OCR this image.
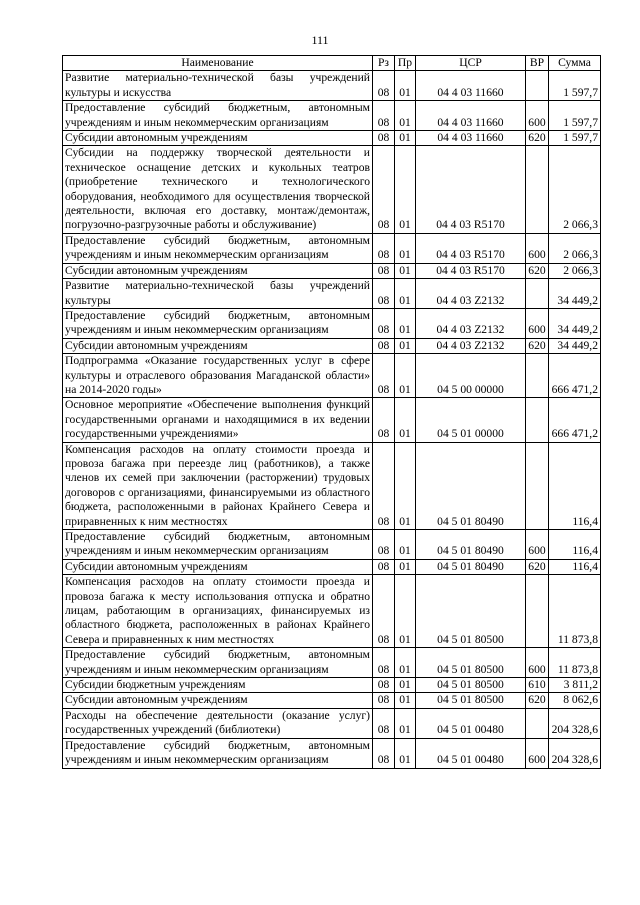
111
Наименование	Рз	Пр	ЦСР	ВР	Сумма
Развитие материально-технической базы учреждений культуры и искусства	08	01	04 4 03 11660		1 597,7
Предоставление субсидий бюджетным, автономным учреждениям и иным некоммерческим организациям	08	01	04 4 03 11660	600	1 597,7
Субсидии автономным учреждениям	08	01	04 4 03 11660	620	1 597,7
Субсидии на поддержку творческой деятельности и техническое оснащение детских и кукольных театров (приобретение технического и технологического оборудования, необходимого для осуществления творческой деятельности, включая его доставку, монтаж/демонтаж, погрузочно-разгрузочные работы и обслуживание)	08	01	04 4 03 R5170		2 066,3
Предоставление субсидий бюджетным, автономным учреждениям и иным некоммерческим организациям	08	01	04 4 03 R5170	600	2 066,3
Субсидии автономным учреждениям	08	01	04 4 03 R5170	620	2 066,3
Развитие материально-технической базы учреждений культуры	08	01	04 4 03 Z2132		34 449,2
Предоставление субсидий бюджетным, автономным учреждениям и иным некоммерческим организациям	08	01	04 4 03 Z2132	600	34 449,2
Субсидии автономным учреждениям	08	01	04 4 03 Z2132	620	34 449,2
Подпрограмма «Оказание государственных услуг в сфере культуры и отраслевого образования Магаданской области» на 2014-2020 годы»	08	01	04 5 00 00000		666 471,2
Основное мероприятие «Обеспечение выполнения функций государственными органами и находящимися в их ведении государственными учреждениями»	08	01	04 5 01 00000		666 471,2
Компенсация расходов на оплату стоимости проезда и провоза багажа при переезде лиц (работников), а также членов их семей при заключении (расторжении) трудовых договоров с организациями, финансируемыми из областного бюджета, расположенными в районах Крайнего Севера и приравненных к ним местностях	08	01	04 5 01 80490		116,4
Предоставление субсидий бюджетным, автономным учреждениям и иным некоммерческим организациям	08	01	04 5 01 80490	600	116,4
Субсидии автономным учреждениям	08	01	04 5 01 80490	620	116,4
Компенсация расходов на оплату стоимости проезда и провоза багажа к месту использования отпуска и обратно лицам, работающим в организациях, финансируемых из областного бюджета, расположенных в районах Крайнего Севера и приравненных к ним местностях	08	01	04 5 01 80500		11 873,8
Предоставление субсидий бюджетным, автономным учреждениям и иным некоммерческим организациям	08	01	04 5 01 80500	600	11 873,8
Субсидии бюджетным учреждениям	08	01	04 5 01 80500	610	3 811,2
Субсидии автономным учреждениям	08	01	04 5 01 80500	620	8 062,6
Расходы на обеспечение деятельности (оказание услуг) государственных учреждений (библиотеки)	08	01	04 5 01 00480		204 328,6
Предоставление субсидий бюджетным, автономным учреждениям и иным некоммерческим организациям	08	01	04 5 01 00480	600	204 328,6
